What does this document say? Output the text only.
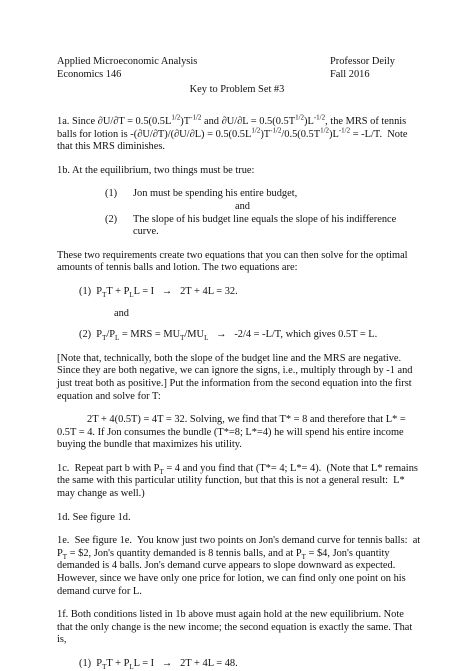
Applied Microeconomic Analysis	Professor Deily
Economics 146	Fall 2016
Key to Problem Set #3

1a. Since $\partial U/\partial T = 0.5(0.5L^{1/2})T^{-1/2}$ and $\partial U/\partial L = 0.5(0.5T^{1/2})L^{-1/2}$, the MRS of tennis balls for lotion is $-(\partial U/\partial T)/(\partial U/\partial L) = 0.5(0.5L^{1/2})T^{-1/2}/0.5(0.5T^{1/2})L^{-1/2} = -L/T$.  Note that this MRS diminishes.

1b. At the equilibrium, two things must be true:

(1)	Jon must be spending his entire budget,
and
(2)	The slope of his budget line equals the slope of his indifference curve.

These two requirements create two equations that you can then solve for the optimal amounts of tennis balls and lotion. The two equations are:

(1)  $P_TT + P_LL = I \to 2T + 4L = 32$.

and

(2)  $P_T/P_L$ = MRS = $MU_T/MU_L \to -2/4 = -L/T$, which gives 0.5T = L.

[Note that, technically, both the slope of the budget line and the MRS are negative. Since they are both negative, we can ignore the signs, i.e., multiply through by -1 and just treat both as positive.] Put the information from the second equation into the first equation and solve for T:

2T + 4(0.5T) = 4T = 32. Solving, we find that T* = 8 and therefore that L* = 0.5T = 4. If Jon consumes the bundle (T*=8; L*=4) he will spend his entire income buying the bundle that maximizes his utility.

1c.  Repeat part b with $P_T = 4$ and you find that (T*= 4; L*= 4).  (Note that L* remains the same with this particular utility function, but that this is not a general result:  L* may change as well.)

1d. See figure 1d.

1e.  See figure 1e.  You know just two points on Jon's demand curve for tennis balls:  at $P_T$ = $2, Jon's quantity demanded is 8 tennis balls, and at $P_T$ = $4, Jon's quantity demanded is 4 balls. Jon's demand curve appears to slope downward as expected.  However, since we have only one price for lotion, we can find only one point on his demand curve for L.

1f. Both conditions listed in 1b above must again hold at the new equilibrium. Note that the only change is the new income; the second equation is exactly the same. That is,

(1)  $P_TT + P_LL = I \to 2T + 4L = 48$.
